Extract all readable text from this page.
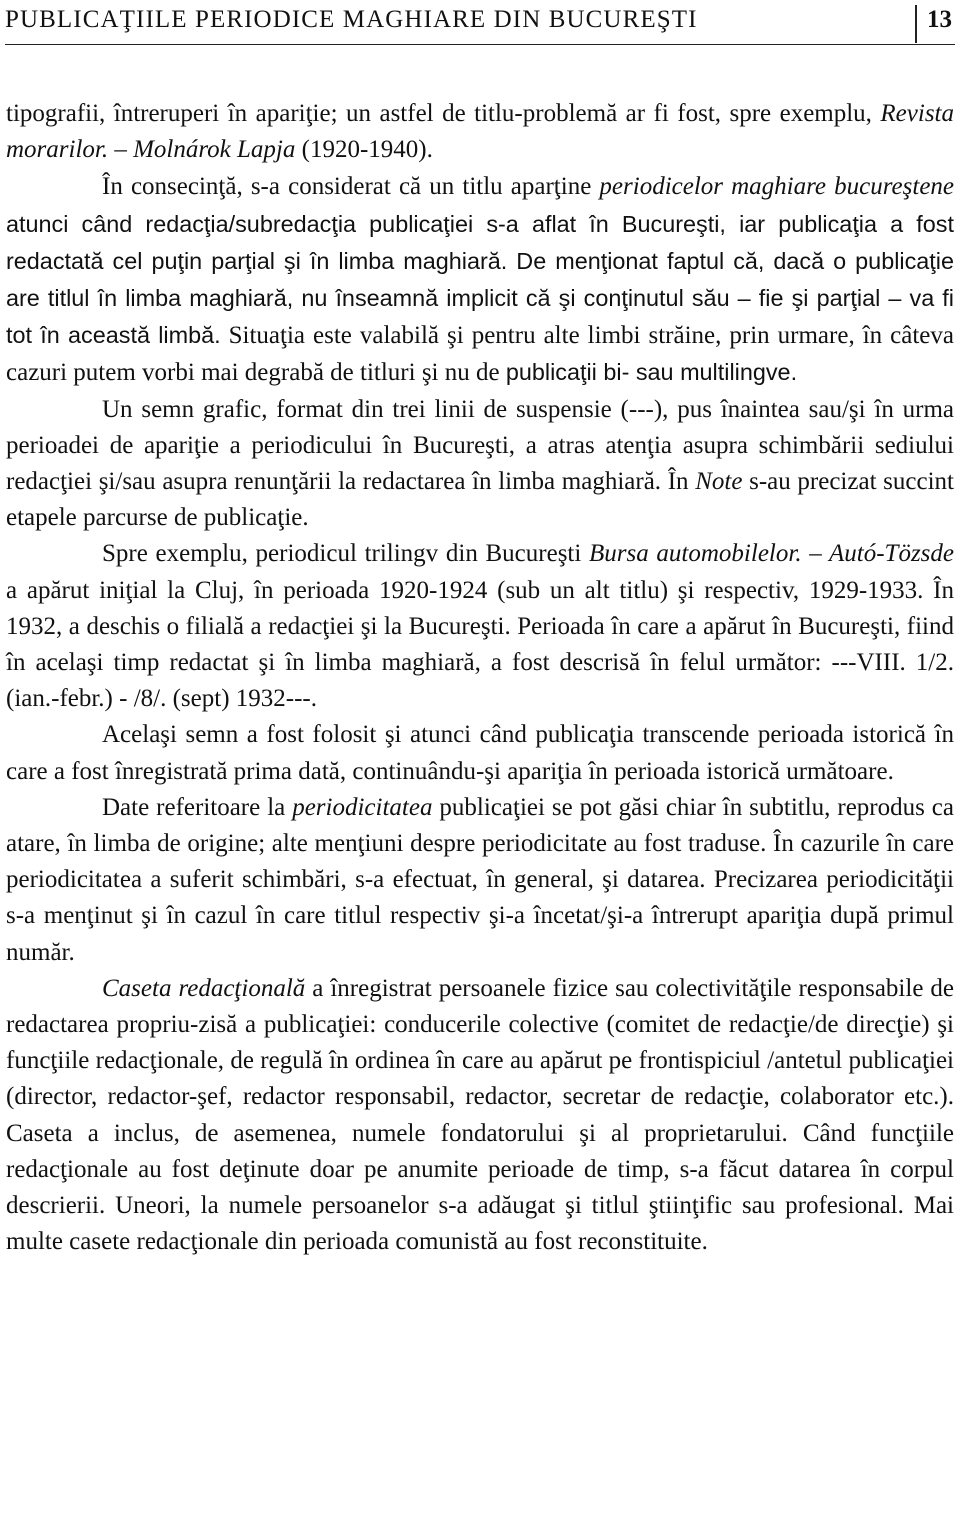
PUBLICAŢIILE PERIODICE MAGHIARE DIN BUCUREŞTI	13

tipografii, întreruperi în apariţie; un astfel de titlu-problemă ar fi fost, spre exemplu, Revista morarilor. – Molnárok Lapja (1920-1940).

În consecinţă, s-a considerat că un titlu aparţine periodicelor maghiare bucureştene atunci când redacţia/subredacţia publicaţiei s-a aflat în Bucureşti, iar publicaţia a fost redactată cel puţin parţial şi în limba maghiară. De menţionat faptul că, dacă o publicaţie are titlul în limba maghiară, nu înseamnă implicit că şi conţinutul său – fie şi parţial – va fi tot în această limbă. Situaţia este valabilă şi pentru alte limbi străine, prin urmare, în câteva cazuri putem vorbi mai degrabă de titluri şi nu de publicaţii bi- sau multilingve.

Un semn grafic, format din trei linii de suspensie (---), pus înaintea sau/şi în urma perioadei de apariţie a periodicului în Bucureşti, a atras atenţia asupra schimbării sediului redacţiei şi/sau asupra renunţării la redactarea în limba maghiară. În Note s-au precizat succint etapele parcurse de publicaţie.

Spre exemplu, periodicul trilingv din Bucureşti Bursa automobilelor. – Autó-Tözsde a apărut iniţial la Cluj, în perioada 1920-1924 (sub un alt titlu) şi respectiv, 1929-1933. În 1932, a deschis o filială a redacţiei şi la Bucureşti. Perioada în care a apărut în Bucureşti, fiind în acelaşi timp redactat şi în limba maghiară, a fost descrisă în felul următor: ---VIII. 1/2. (ian.-febr.) - /8/. (sept) 1932---.

Acelaşi semn a fost folosit şi atunci când publicaţia transcende perioada istorică în care a fost înregistrată prima dată, continuându-şi apariţia în perioada istorică următoare.

Date referitoare la periodicitatea publicaţiei se pot găsi chiar în subtitlu, reprodus ca atare, în limba de origine; alte menţiuni despre periodicitate au fost traduse. În cazurile în care periodicitatea a suferit schimbări, s-a efectuat, în general, şi datarea. Precizarea periodicităţii s-a menţinut şi în cazul în care titlul respectiv şi-a încetat/şi-a întrerupt apariţia după primul număr.

Caseta redacţională a înregistrat persoanele fizice sau colectivităţile responsabile de redactarea propriu-zisă a publicaţiei: conducerile colective (comitet de redacţie/de direcţie) şi funcţiile redacţionale, de regulă în ordinea în care au apărut pe frontispiciul /antetul publicaţiei (director, redactor-şef, redactor responsabil, redactor, secretar de redacţie, colaborator etc.). Caseta a inclus, de asemenea, numele fondatorului şi al proprietarului. Când funcţiile redacţionale au fost deţinute doar pe anumite perioade de timp, s-a făcut datarea în corpul descrierii. Uneori, la numele persoanelor s-a adăugat şi titlul ştiinţific sau profesional. Mai multe casete redacţionale din perioada comunistă au fost reconstituite.
